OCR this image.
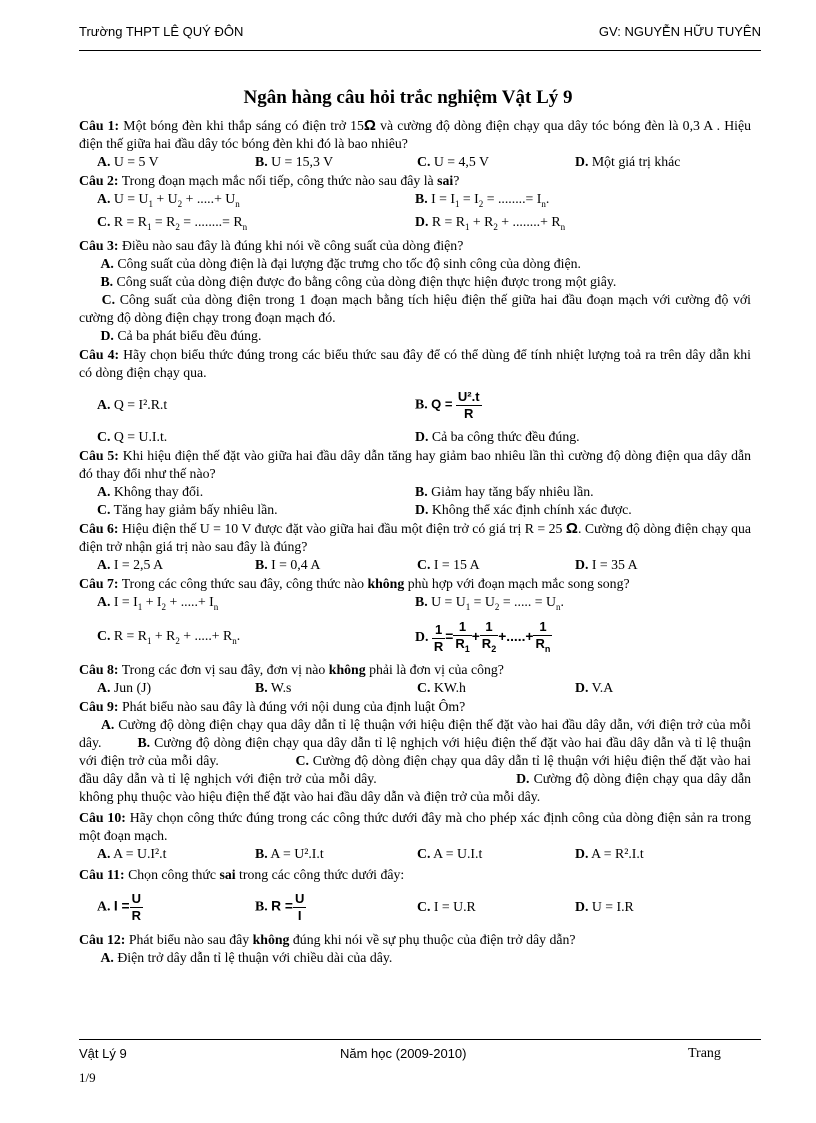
Trường THPT LÊ QUÝ ĐÔN	GV: NGUYỄN HỮU TUYÊN
Ngân hàng câu hỏi trắc nghiệm Vật Lý 9
Câu 1: Một bóng đèn khi thắp sáng có điện trở 15Ω và cường độ dòng điện chạy qua dây tóc bóng đèn là 0,3 A . Hiệu điện thế giữa hai đầu dây tóc bóng đèn khi đó là bao nhiêu?
A. U = 5 V	B. U = 15,3 V	C. U = 4,5 V	D. Một giá trị khác
Câu 2: Trong đoạn mạch mắc nối tiếp, công thức nào sau đây là sai?
A. $U = U_1 + U_2$ + .....+ $U_n$	B. $I = I_1 = I_2$ = ........= $I_n$.
C. $R = R_1 = R_2$ = ........= $R_n$	D. $R = R_1 + R_2$ + ........+ $R_n$
Câu 3: Điều nào sau đây là đúng khi nói về công suất của dòng điện?
A. Công suất của dòng điện là đại lượng đặc trưng cho tốc độ sinh công của dòng điện.
B. Công suất của dòng điện được đo bằng công của dòng điện thực hiện được trong một giây.
C. Công suất của dòng điện trong 1 đoạn mạch bằng tích hiệu điện thế giữa hai đầu đoạn mạch với cường độ với cường độ dòng điện chạy trong đoạn mạch đó.
D. Cả ba phát biểu đều đúng.
Câu 4: Hãy chọn biểu thức đúng trong các biểu thức sau đây để có thể dùng để tính nhiệt lượng toả ra trên dây dẫn khi có dòng điện chạy qua.
A. Q = I².R.t	B. $Q = \frac{\text{U².t}}{R}$
C. Q = U.I.t.	D. Cả ba công thức đều đúng.
Câu 5: Khi hiệu điện thế đặt vào giữa hai đầu dây dẫn tăng hay giảm bao nhiêu lần thì cường độ dòng điện qua dây dẫn đó thay đổi như thế nào?
A. Không thay đổi.	B. Giảm hay tăng bấy nhiêu lần.
C. Tăng hay giảm bấy nhiêu lần.	D. Không thể xác định chính xác được.
Câu 6: Hiệu điện thế U = 10 V được đặt vào giữa hai đầu một điện trở có giá trị R = 25 Ω. Cường độ dòng điện chạy qua điện trở nhận giá trị nào sau đây là đúng?
A. I = 2,5 A	B. I = 0,4 A	C. I = 15 A	D. I = 35 A
Câu 7: Trong các công thức sau đây, công thức nào không phù hợp với đoạn mạch mắc song song?
A. $I = I_1 + I_2$ + .....+ $I_n$	B. $U = U_1 = U_2$ = ..... = $U_n$.
C. $R = R_1 + R_2$ + .....+ $R_n$.	D. $\frac{1}{R} = \frac{1}{R_1} + \frac{1}{R_2}$ +.....+ $\frac{1}{R_n}$
Câu 8: Trong các đơn vị sau đây, đơn vị nào không phải là đơn vị của công?
A. Jun (J)	B. W.s	C. KW.h	D. V.A
Câu 9: Phát biểu nào sau đây là đúng với nội dung của định luật Ôm?
A. Cường độ dòng điện chạy qua dây dẫn tỉ lệ thuận với hiệu điện thế đặt vào hai đầu dây dẫn, với điện trở của mỗi dây.	B. Cường độ dòng điện chạy qua dây dẫn tỉ lệ nghịch với hiệu điện thế đặt vào hai đầu dây dẫn và tỉ lệ thuận với điện trở của mỗi dây.	C. Cường độ dòng điện chạy qua dây dẫn tỉ lệ thuận với hiệu điện thế đặt vào hai đầu dây dẫn và tỉ lệ nghịch với điện trở của mỗi dây.	D. Cường độ dòng điện chạy qua dây dẫn không phụ thuộc vào hiệu điện thế đặt vào hai đầu dây dẫn và điện trở của mỗi dây.
Câu 10: Hãy chọn công thức đúng trong các công thức dưới đây mà cho phép xác định công của dòng điện sản ra trong một đoạn mạch.
A. A = U.I².t	B. A = U².I.t	C. A = U.I.t	D. A = R².I.t
Câu 11: Chọn công thức sai trong các công thức dưới đây:
A. $I = \frac{U}{R}$	B. $R = \frac{U}{I}$	C. I = U.R	D. U = I.R
Câu 12: Phát biểu nào sau đây không đúng khi nói về sự phụ thuộc của điện trở dây dẫn?
A. Điện trở dây dẫn tỉ lệ thuận với chiều dài của dây.
Vật Lý 9	Năm học (2009-2010)	Trang
1/9
